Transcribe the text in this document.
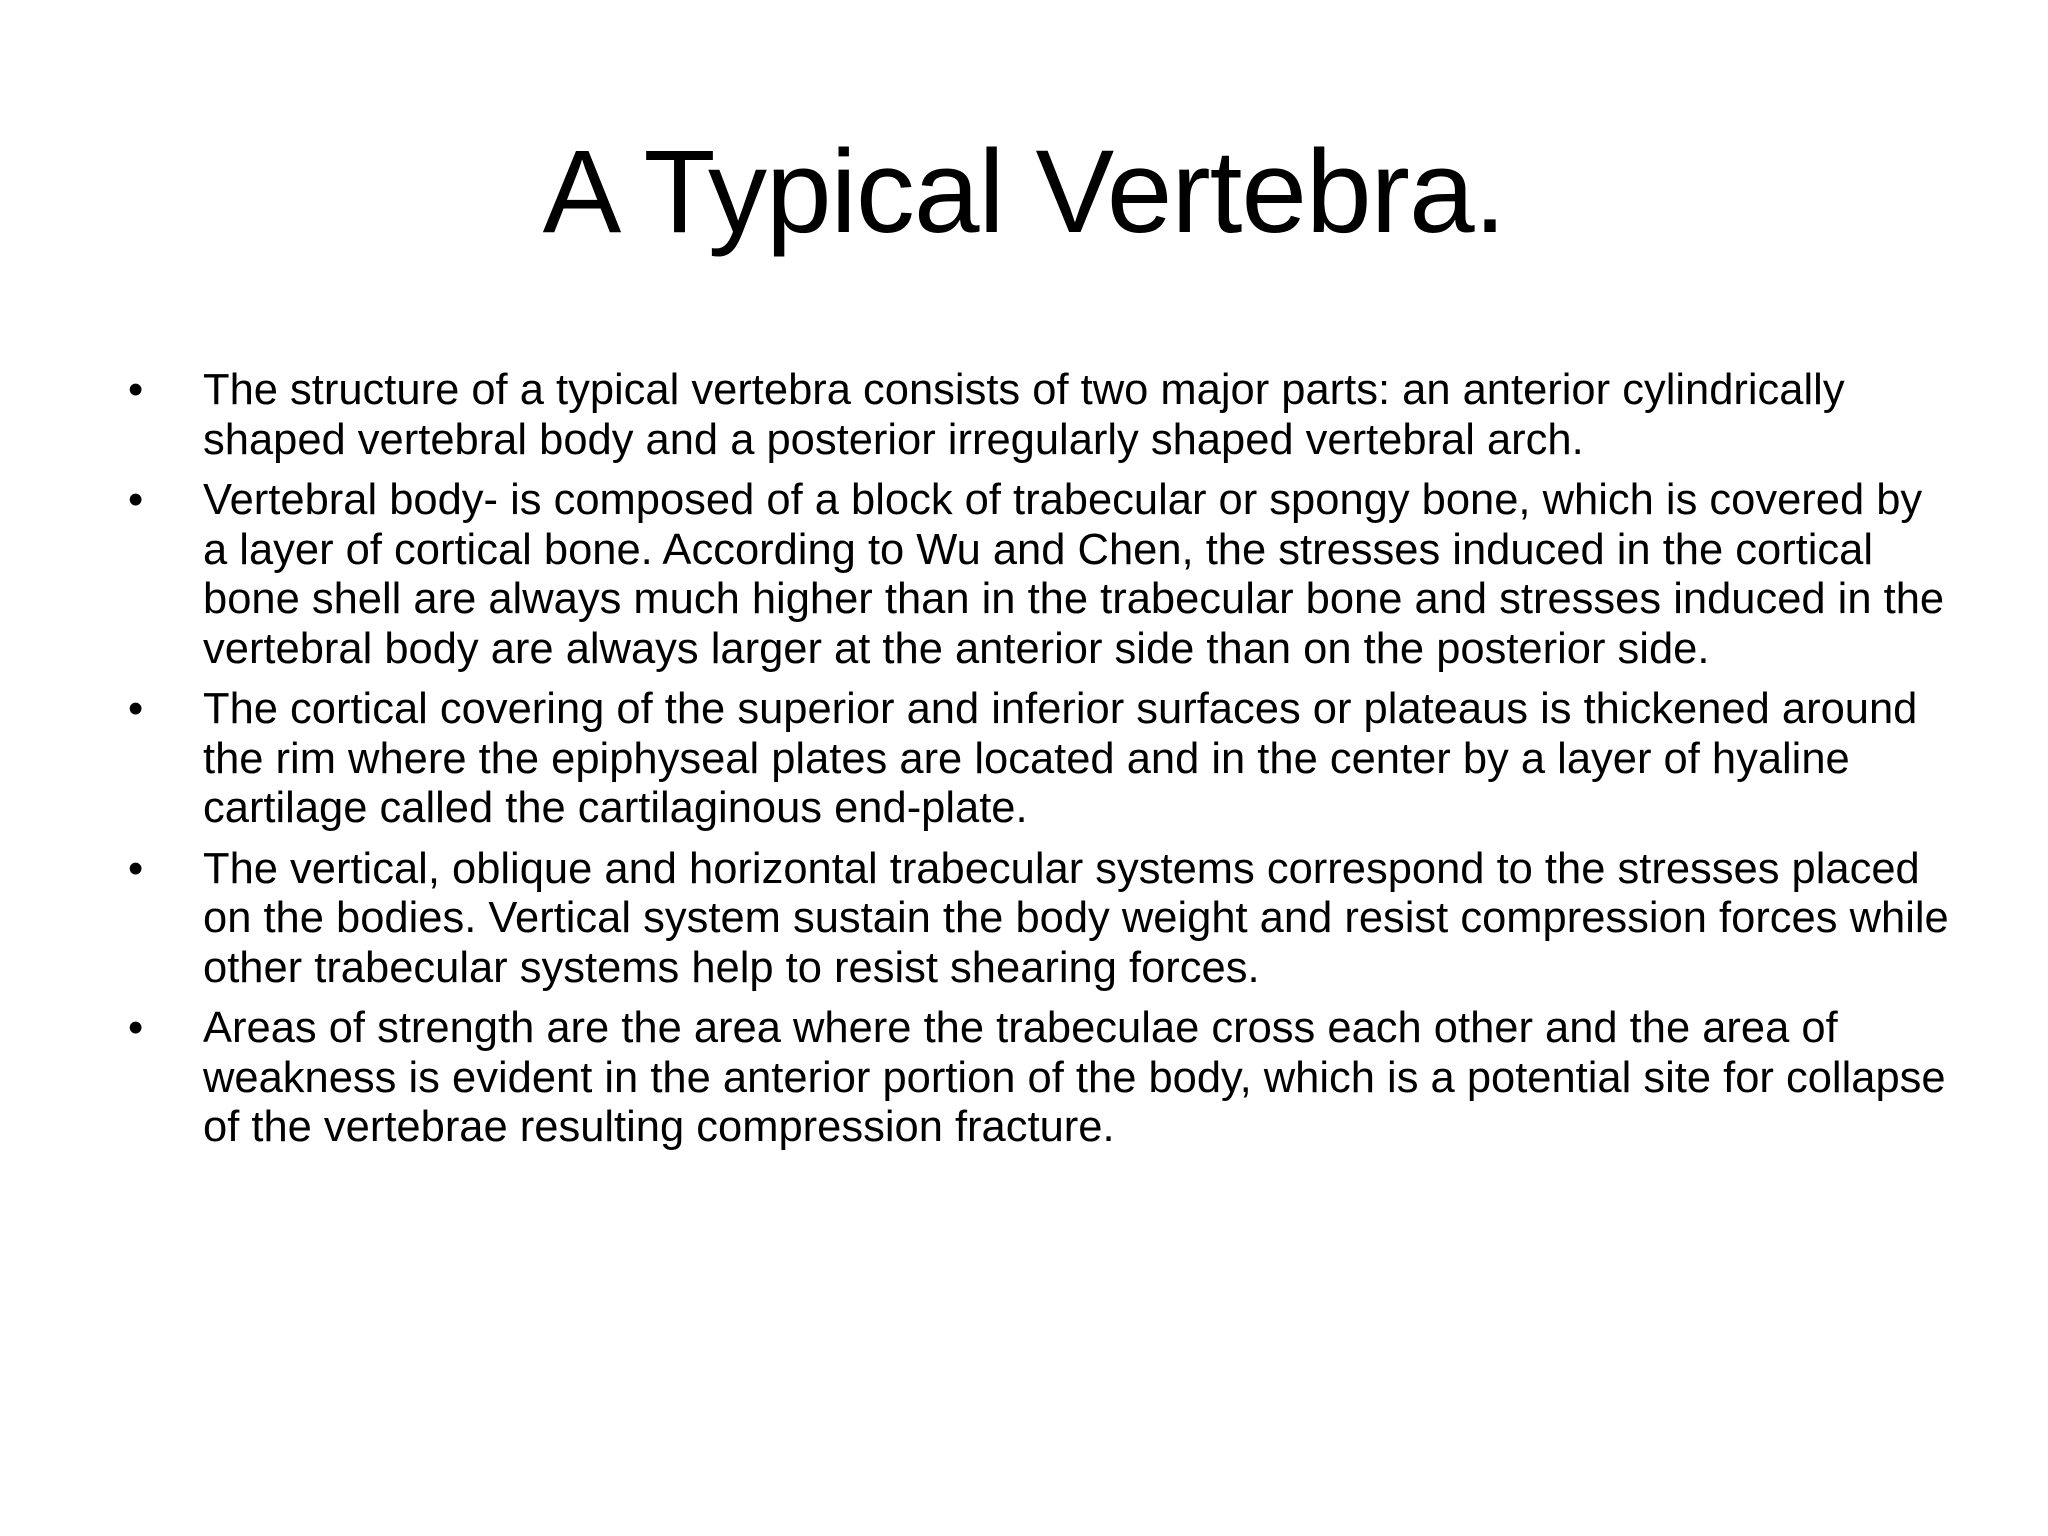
A Typical Vertebra.
•	The structure of a typical vertebra consists of two major parts: an anterior cylindrically shaped vertebral body and a posterior irregularly shaped vertebral arch.
•	Vertebral body- is composed of a block of trabecular or spongy bone, which is covered by a layer of cortical bone. According to Wu and Chen, the stresses induced in the cortical bone shell are always much higher than in the trabecular bone and stresses induced in the vertebral body are always larger at the anterior side than on the posterior side.
•	The cortical covering of the superior and inferior surfaces or plateaus is thickened around the rim where the epiphyseal plates are located and in the center by a layer of hyaline cartilage called the cartilaginous end-plate.
•	The vertical, oblique and horizontal trabecular systems correspond to the stresses placed on the bodies. Vertical system sustain the body weight and resist compression forces while other trabecular systems help to resist shearing forces.
•	Areas of strength are the area where the trabeculae cross each other and the area of weakness is evident in the anterior portion of the body, which is a potential site for collapse of the vertebrae resulting compression fracture.
